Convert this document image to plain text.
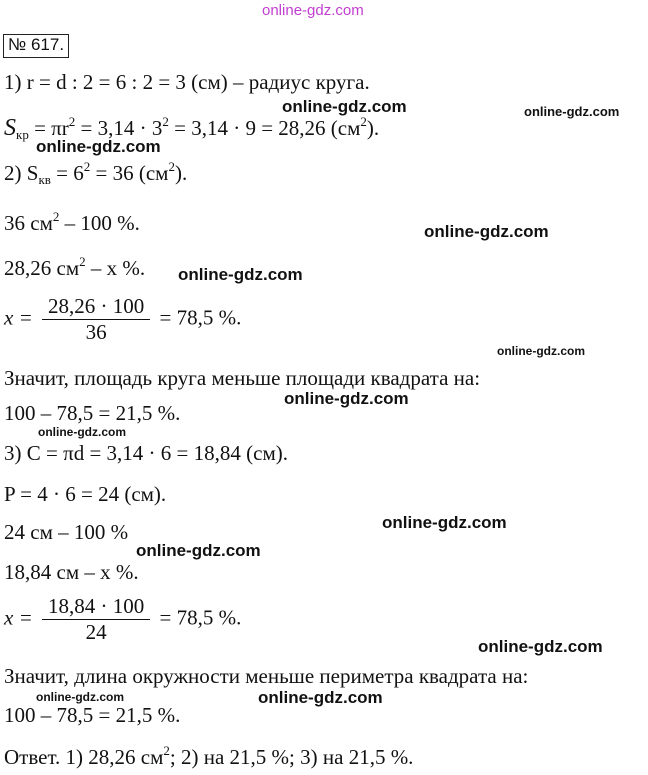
online-gdz.com
№ 617.
1) r = d : 2 = 6 : 2 = 3 (см) – радиус круга.
$S_{кр} = \pi r^2 = 3,14 \cdot 3^2 = 3,14 \cdot 9 = 28,26$ $(см^2)$.
2) $S_{кв} = 6^2 = 36$ $(см^2)$.
36 $см^2 - 100$ %.
28,26 $см^2$ – x %.
$x = \frac{28,26 \cdot 100}{36} = 78,5$ %.
Значит, площадь круга меньше площади квадрата на:
100 – 78,5 = 21,5 %.
3) C = πd = 3,14 · 6 = 18,84 (см).
P = 4 · 6 = 24 (см).
24 см – 100 %
18,84 см – x %.
$x = \frac{18,84 \cdot 100}{24} = 78,5$ %.
Значит, длина окружности меньше периметра квадрата на:
100 – 78,5 = 21,5 %.
Ответ. 1) 28,26 $см^2$; 2) на 21,5 %; 3) на 21,5 %.
online-gdz.com	online-gdz.com
online-gdz.com
online-gdz.com
online-gdz.com
online-gdz.com
online-gdz.com
online-gdz.com
online-gdz.com
online-gdz.com
online-gdz.com
online-gdz.com	online-gdz.com
